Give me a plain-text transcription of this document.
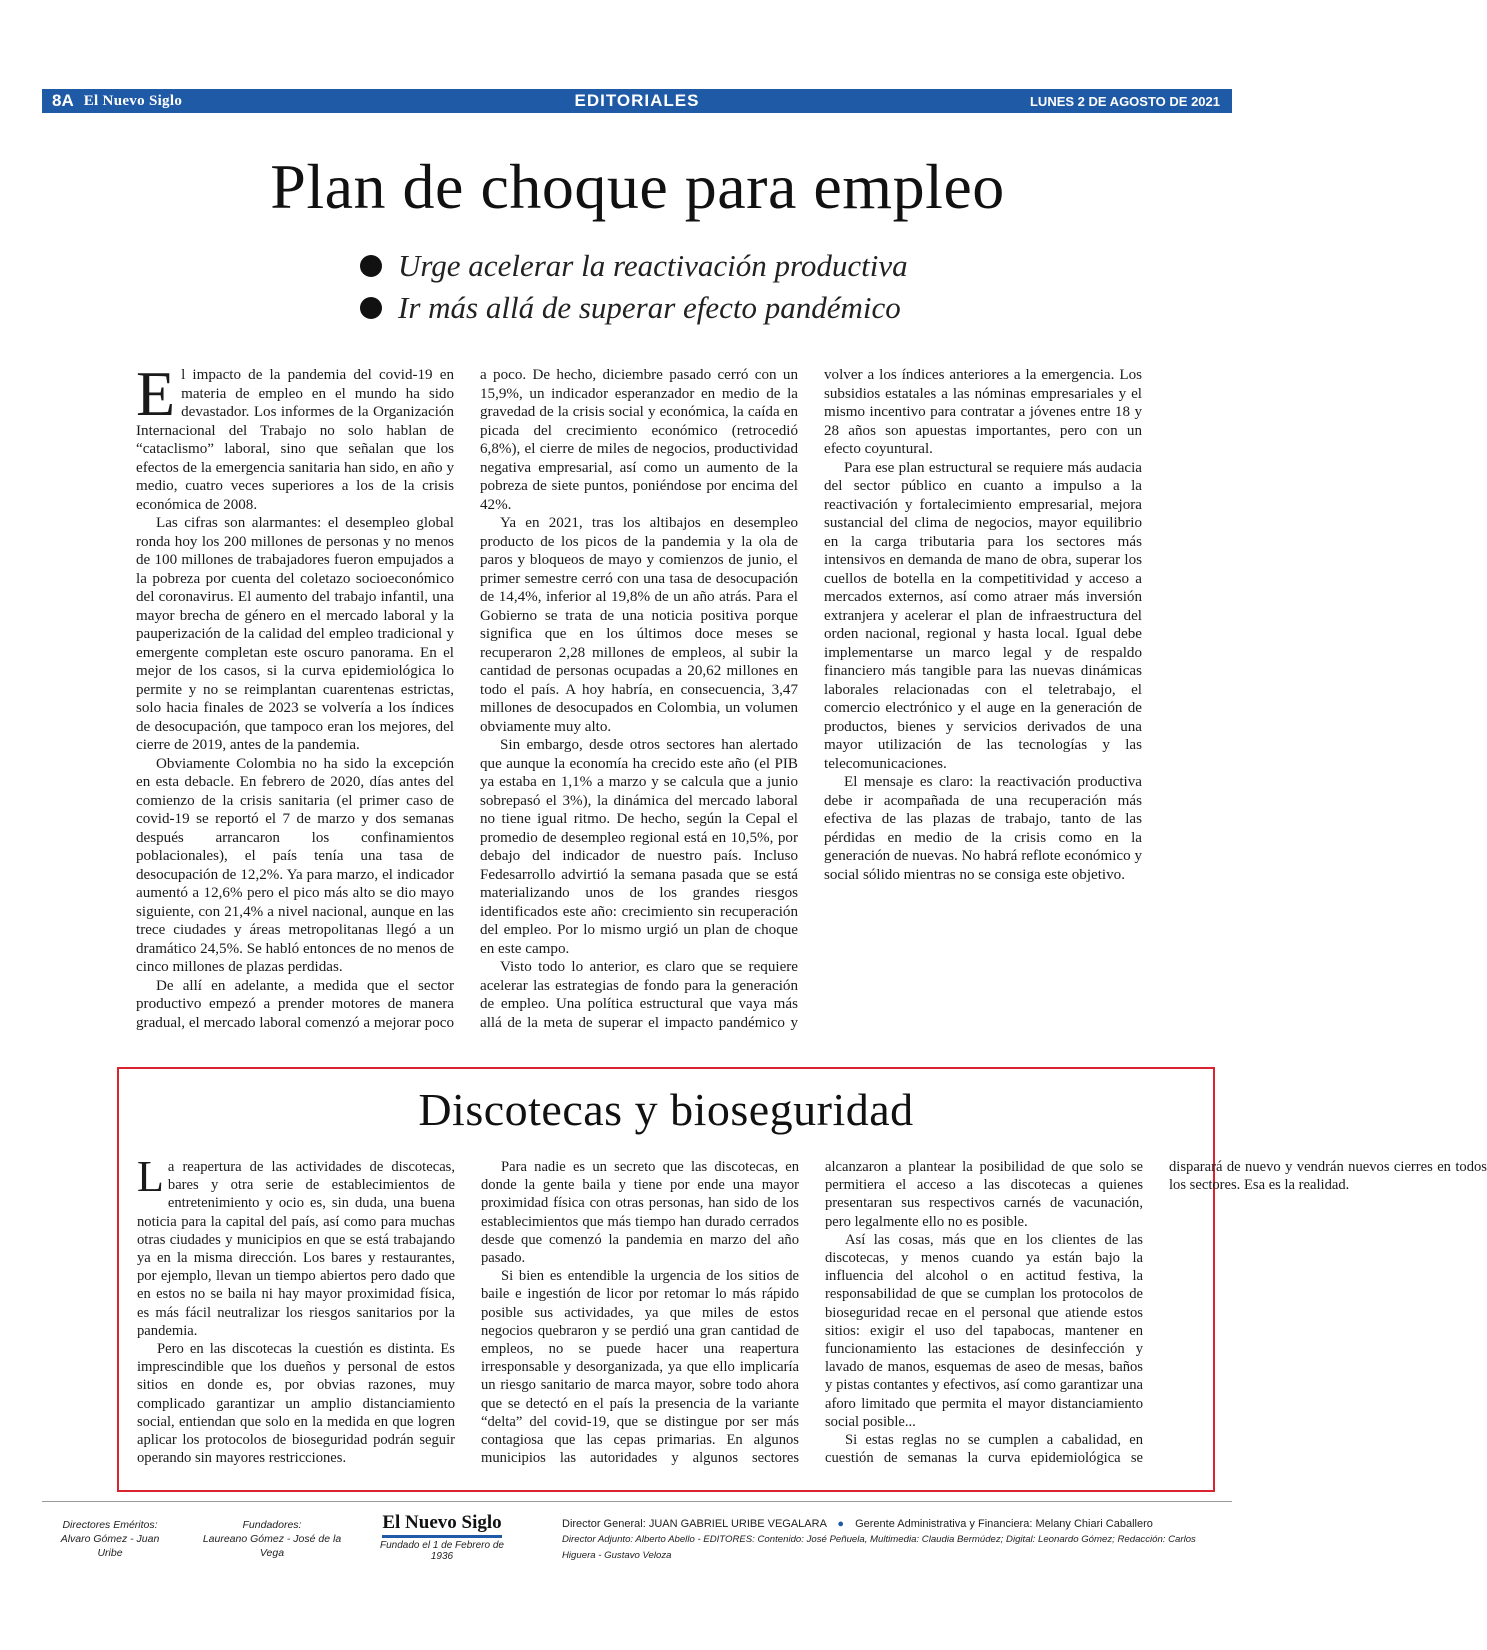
8A El Nuevo Siglo	EDITORIALES	LUNES 2 DE AGOSTO DE 2021
Plan de choque para empleo
Urge acelerar la reactivación productiva
Ir más allá de superar efecto pandémico

El impacto de la pandemia del covid-19 en materia de empleo en el mundo ha sido devastador. Los informes de la Organización Internacional del Trabajo no solo hablan de “cataclismo” laboral, sino que señalan que los efectos de la emergencia sanitaria han sido, en año y medio, cuatro veces superiores a los de la crisis económica de 2008.

Las cifras son alarmantes: el desempleo global ronda hoy los 200 millones de personas y no menos de 100 millones de trabajadores fueron empujados a la pobreza por cuenta del coletazo socioeconómico del coronavirus. El aumento del trabajo infantil, una mayor brecha de género en el mercado laboral y la pauperización de la calidad del empleo tradicional y emergente completan este oscuro panorama. En el mejor de los casos, si la curva epidemiológica lo permite y no se reimplantan cuarentenas estrictas, solo hacia finales de 2023 se volvería a los índices de desocupación, que tampoco eran los mejores, del cierre de 2019, antes de la pandemia.

Obviamente Colombia no ha sido la excepción en esta debacle. En febrero de 2020, días antes del comienzo de la crisis sanitaria (el primer caso de covid-19 se reportó el 7 de marzo y dos semanas después arrancaron los confinamientos poblacionales), el país tenía una tasa de desocupación de 12,2%. Ya para marzo, el indicador aumentó a 12,6% pero el pico más alto se dio mayo siguiente, con 21,4% a nivel nacional, aunque en las trece ciudades y áreas metropolitanas llegó a un dramático 24,5%. Se habló entonces de no menos de cinco millones de plazas perdidas.

De allí en adelante, a medida que el sector productivo empezó a prender motores de manera gradual, el mercado laboral comenzó a mejorar poco a poco. De hecho, diciembre pasado cerró con un 15,9%, un indicador esperanzador en medio de la gravedad de la crisis social y económica, la caída en picada del crecimiento económico (retrocedió 6,8%), el cierre de miles de negocios, productividad negativa empresarial, así como un aumento de la pobreza de siete puntos, poniéndose por encima del 42%.

Ya en 2021, tras los altibajos en desempleo producto de los picos de la pandemia y la ola de paros y bloqueos de mayo y comienzos de junio, el primer semestre cerró con una tasa de desocupación de 14,4%, inferior al 19,8% de un año atrás. Para el Gobierno se trata de una noticia positiva porque significa que en los últimos doce meses se recuperaron 2,28 millones de empleos, al subir la cantidad de personas ocupadas a 20,62 millones en todo el país. A hoy habría, en consecuencia, 3,47 millones de desocupados en Colombia, un volumen obviamente muy alto.

Sin embargo, desde otros sectores han alertado que aunque la economía ha crecido este año (el PIB ya estaba en 1,1% a marzo y se calcula que a junio sobrepasó el 3%), la dinámica del mercado laboral no tiene igual ritmo. De hecho, según la Cepal el promedio de desempleo regional está en 10,5%, por debajo del indicador de nuestro país. Incluso Fedesarrollo advirtió la semana pasada que se está materializando unos de los grandes riesgos identificados este año: crecimiento sin recuperación del empleo. Por lo mismo urgió un plan de choque en este campo.

Visto todo lo anterior, es claro que se requiere acelerar las estrategias de fondo para la generación de empleo. Una política estructural que vaya más allá de la meta de superar el impacto pandémico y volver a los índices anteriores a la emergencia. Los subsidios estatales a las nóminas empresariales y el mismo incentivo para contratar a jóvenes entre 18 y 28 años son apuestas importantes, pero con un efecto coyuntural.

Para ese plan estructural se requiere más audacia del sector público en cuanto a impulso a la reactivación y fortalecimiento empresarial, mejora sustancial del clima de negocios, mayor equilibrio en la carga tributaria para los sectores más intensivos en demanda de mano de obra, superar los cuellos de botella en la competitividad y acceso a mercados externos, así como atraer más inversión extranjera y acelerar el plan de infraestructura del orden nacional, regional y hasta local. Igual debe implementarse un marco legal y de respaldo financiero más tangible para las nuevas dinámicas laborales relacionadas con el teletrabajo, el comercio electrónico y el auge en la generación de productos, bienes y servicios derivados de una mayor utilización de las tecnologías y las telecomunicaciones.

El mensaje es claro: la reactivación productiva debe ir acompañada de una recuperación más efectiva de las plazas de trabajo, tanto de las pérdidas en medio de la crisis como en la generación de nuevas. No habrá reflote económico y social sólido mientras no se consiga este objetivo.

Discotecas y bioseguridad

La reapertura de las actividades de discotecas, bares y otra serie de establecimientos de entretenimiento y ocio es, sin duda, una buena noticia para la capital del país, así como para muchas otras ciudades y municipios en que se está trabajando ya en la misma dirección. Los bares y restaurantes, por ejemplo, llevan un tiempo abiertos pero dado que en estos no se baila ni hay mayor proximidad física, es más fácil neutralizar los riesgos sanitarios por la pandemia.

Pero en las discotecas la cuestión es distinta. Es imprescindible que los dueños y personal de estos sitios en donde es, por obvias razones, muy complicado garantizar un amplio distanciamiento social, entiendan que solo en la medida en que logren aplicar los protocolos de bioseguridad podrán seguir operando sin mayores restricciones.

Para nadie es un secreto que las discotecas, en donde la gente baila y tiene por ende una mayor proximidad física con otras personas, han sido de los establecimientos que más tiempo han durado cerrados desde que comenzó la pandemia en marzo del año pasado.

Si bien es entendible la urgencia de los sitios de baile e ingestión de licor por retomar lo más rápido posible sus actividades, ya que miles de estos negocios quebraron y se perdió una gran cantidad de empleos, no se puede hacer una reapertura irresponsable y desorganizada, ya que ello implicaría un riesgo sanitario de marca mayor, sobre todo ahora que se detectó en el país la presencia de la variante “delta” del covid-19, que se distingue por ser más contagiosa que las cepas primarias. En algunos municipios las autoridades y algunos sectores alcanzaron a plantear la posibilidad de que solo se permitiera el acceso a las discotecas a quienes presentaran sus respectivos carnés de vacunación, pero legalmente ello no es posible.

Así las cosas, más que en los clientes de las discotecas, y menos cuando ya están bajo la influencia del alcohol o en actitud festiva, la responsabilidad de que se cumplan los protocolos de bioseguridad recae en el personal que atiende estos sitios: exigir el uso del tapabocas, mantener en funcionamiento las estaciones de desinfección y lavado de manos, esquemas de aseo de mesas, baños y pistas contantes y efectivos, así como garantizar una aforo limitado que permita el mayor distanciamiento social posible...

Si estas reglas no se cumplen a cabalidad, en cuestión de semanas la curva epidemiológica se disparará de nuevo y vendrán nuevos cierres en todos los sectores. Esa es la realidad.

Directores Eméritos:
Alvaro Gómez - Juan Uribe
Fundadores:
Laureano Gómez - José de la Vega
El Nuevo Siglo
Fundado el 1 de Febrero de 1936
Director General: JUAN GABRIEL URIBE VEGALARA ● Gerente Administrativa y Financiera: Melany Chiari Caballero
Director Adjunto: Alberto Abello - EDITORES: Contenido: José Peñuela, Multimedia: Claudia Bermúdez; Digital: Leonardo Gómez; Redacción: Carlos Higuera - Gustavo Veloza
